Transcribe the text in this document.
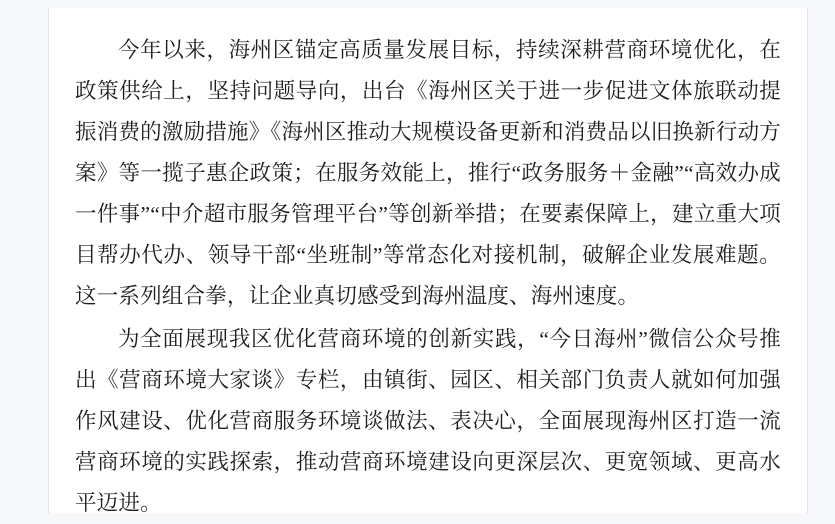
今年以来，海州区锚定高质量发展目标，持续深耕营商环境优化，在政策供给上，坚持问题导向，出台《海州区关于进一步促进文体旅联动提振消费的激励措施》《海州区推动大规模设备更新和消费品以旧换新行动方案》等一揽子惠企政策；在服务效能上，推行“政务服务＋金融”“高效办成一件事”“中介超市服务管理平台”等创新举措；在要素保障上，建立重大项目帮办代办、领导干部“坐班制”等常态化对接机制，破解企业发展难题。这一系列组合拳，让企业真切感受到海州温度、海州速度。

为全面展现我区优化营商环境的创新实践，“今日海州”微信公众号推出《营商环境大家谈》专栏，由镇街、园区、相关部门负责人就如何加强作风建设、优化营商服务环境谈做法、表决心，全面展现海州区打造一流营商环境的实践探索，推动营商环境建设向更深层次、更宽领域、更高水平迈进。
